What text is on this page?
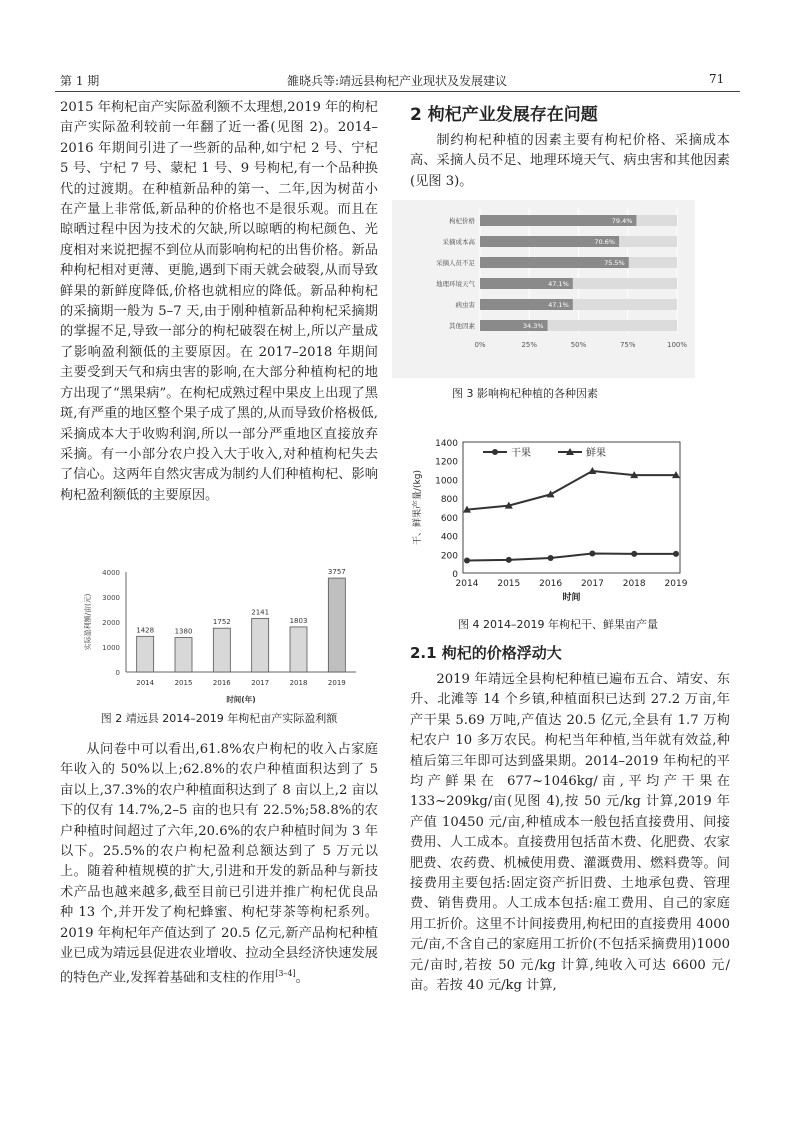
第 1 期	雒晓兵等:靖远县枸杞产业现状及发展建议	71

2015 年枸杞亩产实际盈利额不太理想,2019 年的枸杞亩产实际盈利较前一年翻了近一番(见图 2)。2014–2016 年期间引进了一些新的品种,如宁杞 2 号、宁杞 5 号、宁杞 7 号、蒙杞 1 号、9 号枸杞,有一个品种换代的过渡期。在种植新品种的第一、二年,因为树苗小在产量上非常低,新品种的价格也不是很乐观。而且在晾晒过程中因为技术的欠缺,所以晾晒的枸杞颜色、光度相对来说把握不到位从而影响枸杞的出售价格。新品种枸杞相对更薄、更脆,遇到下雨天就会破裂,从而导致鲜果的新鲜度降低,价格也就相应的降低。新品种枸杞的采摘期一般为 5–7 天,由于刚种植新品种枸杞采摘期的掌握不足,导致一部分的枸杞破裂在树上,所以产量成了影响盈利额低的主要原因。在 2017–2018 年期间主要受到天气和病虫害的影响,在大部分种植枸杞的地方出现了“黑果病”。在枸杞成熟过程中果皮上出现了黑斑,有严重的地区整个果子成了黑的,从而导致价格极低,采摘成本大于收购利润,所以一部分严重地区直接放弃采摘。有一小部分农户投入大于收入,对种植枸杞失去了信心。这两年自然灾害成为制约人们种植枸杞、影响枸杞盈利额低的主要原因。

0
1000
2000
3000
4000
1428
2014
1380
2015
1752
2016
2141
2017
1803
2018
3757
2019
时间(年)
实际盈利额/亩(元)
图 2 靖远县 2014–2019 年枸杞亩产实际盈利额

从问卷中可以看出,61.8%农户枸杞的收入占家庭年收入的 50%以上;62.8%的农户种植面积达到了 5 亩以上,37.3%的农户种植面积达到了 8 亩以上,2 亩以下的仅有 14.7%,2–5 亩的也只有 22.5%;58.8%的农户种植时间超过了六年,20.6%的农户种植时间为 3 年以下。25.5%的农户枸杞盈利总额达到了 5 万元以上。随着种植规模的扩大,引进和开发的新品种与新技术产品也越来越多,截至目前已引进并推广枸杞优良品种 13 个,并开发了枸杞蜂蜜、枸杞芽茶等枸杞系列。2019 年枸杞年产值达到了 20.5 亿元,新产品枸杞种植业已成为靖远县促进农业增收、拉动全县经济快速发展的特色产业,发挥着基础和支柱的作用[3–4]。

2 枸杞产业发展存在问题

制约枸杞种植的因素主要有枸杞价格、采摘成本高、采摘人员不足、地理环境天气、病虫害和其他因素(见图 3)。

0%	25%	50%	75%	100%
79.4%
枸杞价格
70.6%
采摘成本高
75.5%
采摘人员不足
47.1%
地理环境天气
47.1%
病虫害
34.3%
其他因素
图 3 影响枸杞种植的各种因素
0
200
400
600
800
1000
1200
1400
2014 2015 2016 2017 2018 2019
干果	鲜果
时间
干、鲜果产量/(kg)
图 4 2014–2019 年枸杞干、鲜果亩产量
2.1 枸杞的价格浮动大

2019 年靖远全县枸杞种植已遍布五合、靖安、东升、北滩等 14 个乡镇,种植面积已达到 27.2 万亩,年产干果 5.69 万吨,产值达 20.5 亿元,全县有 1.7 万枸杞农户 10 多万农民。枸杞当年种植,当年就有效益,种植后第三年即可达到盛果期。2014–2019 年枸杞的平均产鲜果在 677~1046kg/亩,平均产干果在 133~209kg/亩(见图 4),按 50 元/kg 计算,2019 年产值 10450 元/亩,种植成本一般包括直接费用、间接费用、人工成本。直接费用包括苗木费、化肥费、农家肥费、农药费、机械使用费、灌溉费用、燃料费等。间接费用主要包括:固定资产折旧费、土地承包费、管理费、销售费用。人工成本包括:雇工费用、自己的家庭用工折价。这里不计间接费用,枸杞田的直接费用 4000 元/亩,不含自己的家庭用工折价(不包括采摘费用)1000 元/亩时,若按 50 元/kg 计算,纯收入可达 6600 元/亩。若按 40 元/kg 计算,
